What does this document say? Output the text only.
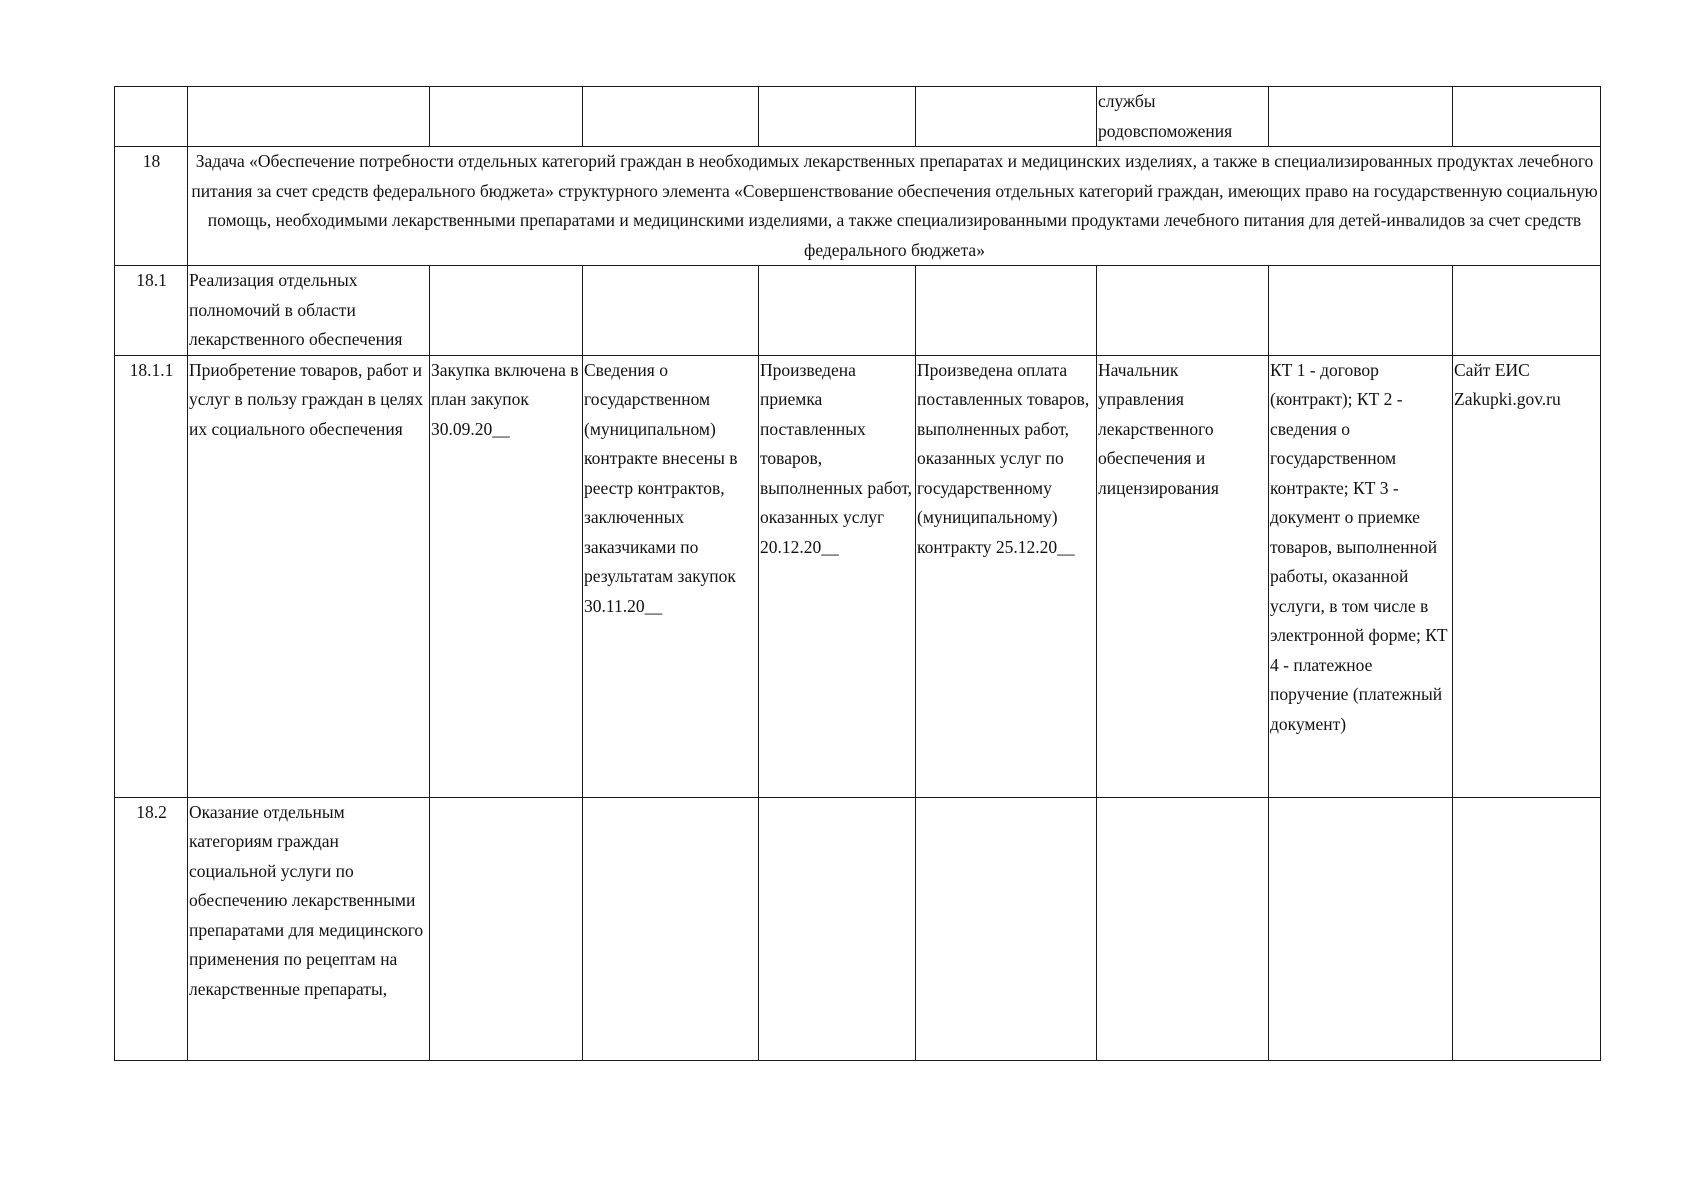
						службы родовспоможения		
18	Задача «Обеспечение потребности отдельных категорий граждан в необходимых лекарственных препаратах и медицинских изделиях, а также в специализированных продуктах лечебного питания за счет средств федерального бюджета» структурного элемента «Совершенствование обеспечения отдельных категорий граждан, имеющих право на государственную социальную помощь, необходимыми лекарственными препаратами и медицинскими изделиями, а также специализированными продуктами лечебного питания для детей-инвалидов за счет средств федерального бюджета»							
18.1	Реализация отдельных полномочий в области лекарственного обеспечения							
18.1.1	Приобретение товаров, работ и услуг в пользу граждан в целях их социального обеспечения	Закупка включена в план закупок 30.09.20__	Сведения о государственном (муниципальном) контракте внесены в реестр контрактов, заключенных заказчиками по результатам закупок 30.11.20__	Произведена приемка поставленных товаров, выполненных работ, оказанных услуг 20.12.20__	Произведена оплата поставленных товаров, выполненных работ, оказанных услуг по государственному (муниципальному) контракту 25.12.20__	Начальник управления лекарственного обеспечения и лицензирования	КТ 1 - договор (контракт); КТ 2 - сведения о государственном контракте; КТ 3 - документ о приемке товаров, выполненной работы, оказанной услуги, в том числе в электронной форме; КТ 4 - платежное поручение (платежный документ)	Сайт ЕИС Zakupki.gov.ru
18.2	Оказание отдельным категориям граждан социальной услуги по обеспечению лекарственными препаратами для медицинского применения по рецептам на лекарственные препараты,							
